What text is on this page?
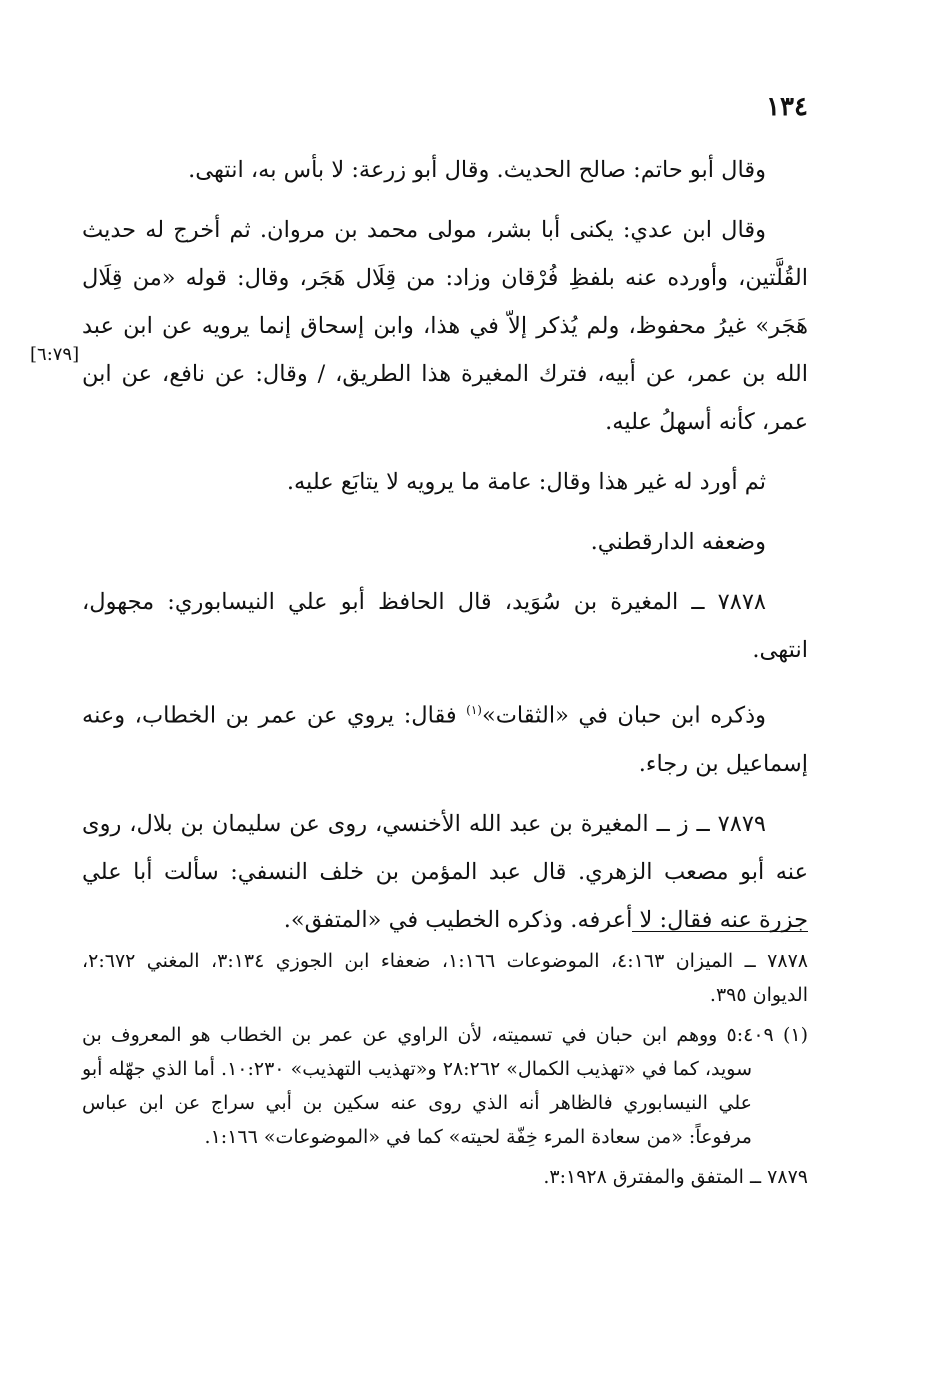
١٣٤
[٦:٧٩]

وقال أبو حاتم: صالح الحديث. وقال أبو زرعة: لا بأس به، انتهى.

وقال ابن عدي: يكنى أبا بشر، مولى محمد بن مروان. ثم أخرج له حديث القُلَّتين، وأورده عنه بلفظِ فُرْقان وزاد: من قِلَال هَجَر، وقال: قوله «من قِلَال هَجَر» غيرُ محفوظ، ولم يُذكر إلاّ في هذا، وابن إسحاق إنما يرويه عن ابن عبد الله بن عمر، عن أبيه، فترك المغيرة هذا الطريق، / وقال: عن نافع، عن ابن عمر، كأنه أسهلُ عليه.

ثم أورد له غير هذا وقال: عامة ما يرويه لا يتابَع عليه.

وضعفه الدارقطني.

٧٨٧٨ ــ المغيرة بن سُوَيد، قال الحافظ أبو علي النيسابوري: مجهول، انتهى.

وذكره ابن حبان في «الثقات»$^{(١)}$ فقال: يروي عن عمر بن الخطاب، وعنه إسماعيل بن رجاء.

٧٨٧٩ ــ ز ــ المغيرة بن عبد الله الأخنسي، روى عن سليمان بن بلال، روى عنه أبو مصعب الزهري. قال عبد المؤمن بن خلف النسفي: سألت أبا علي جزرة عنه فقال: لا أعرفه. وذكره الخطيب في «المتفق».

٧٨٧٨ ــ الميزان ٤:١٦٣، الموضوعات ١:١٦٦، ضعفاء ابن الجوزي ٣:١٣٤، المغني ٢:٦٧٢، الديوان ٣٩٥.

(١) ٥:٤٠٩ ووهم ابن حبان في تسميته، لأن الراوي عن عمر بن الخطاب هو المعروف بن سويد، كما في «تهذيب الكمال» ٢٨:٢٦٢ و«تهذيب التهذيب» ١٠:٢٣٠. أما الذي جهّله أبو علي النيسابوري فالظاهر أنه الذي روى عنه سكين بن أبي سراج عن ابن عباس مرفوعاً: «من سعادة المرء خِفّة لحيته» كما في «الموضوعات» ١:١٦٦.

٧٨٧٩ ــ المتفق والمفترق ٣:١٩٢٨.
